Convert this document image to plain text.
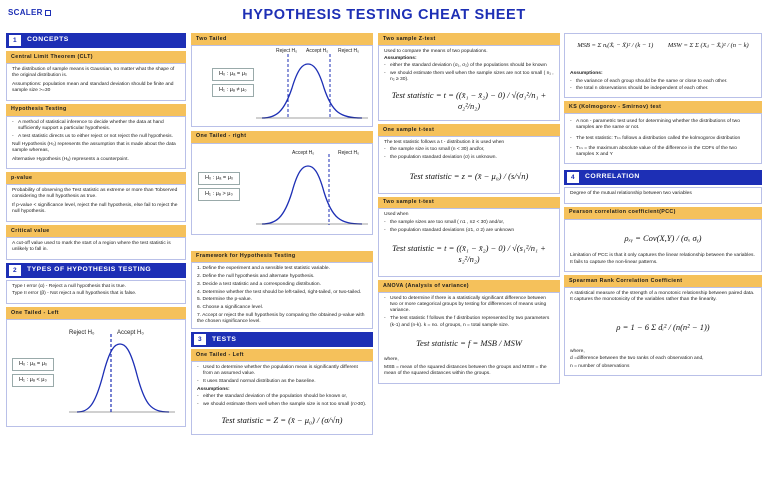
SCALER	HYPOTHESIS TESTING CHEAT SHEET
1	CONCEPTS
Central Limit Theorem (CLT)

The distribution of sample means is Gaussian, no matter what the shape of the original distribution is.

Assumptions: population mean and standard deviation should be finite and sample size >=30

Hypothesis Testing
- A method of statistical inference to decide whether the data at hand sufficiently support a particular hypothesis.
- A test statistic directs us to either reject or not reject the null hypothesis.

Null Hypothesis (H₀) represents the assumption that is made about the data sample whereas,

Alternative Hypothesis (Hₐ) represents a counterpoint.

p-value

Probability of observing the Test statistic as extreme or more than Tobserved considering the null hypothesis as true.

If p-value < significance level, reject the null hypothesis, else fail to reject the null hypothesis.

Critical value

A cut-off value used to mark the start of a region where the test statistic is unlikely to fall in.

2	TYPES OF HYPOTHESIS TESTING

Type I error (α) - Reject a null hypothesis that is true.

Type II error (β) - Not reject a null hypothesis that is false.

One Tailed - Left
Reject H₀	Accept H₀
H₀ : μₐ = μ₀
H₁ : μₐ < μ₀
Two Tailed
Reject H₀ Accept H₀ Reject H₀
H₀ : μₐ = μ₀
H₁ : μₐ ≠ μ₀
One Tailed - right
Accept H₀	Reject H₀
H₀ : μₐ = μ₀
H₁ : μₐ > μ₀
Framework for Hypothesis Testing

1. Define the experiment and a sensible test statistic variable.

2. Define the null hypothesis and alternate hypothesis.

3. Decide a test statistic and a corresponding distribution.

4. Determine whether the test should be left-tailed, right-tailed, or two-tailed.

5. Determine the p-value.

6. Choose a significance level.

7. Accept or reject the null hypothesis by comparing the obtained p-value with the chosen significance level.

3	TESTS
One Tailed - Left
- Used to determine whether the population mean is significantly different from an assumed value.
- It uses Standard normal distribution as the baseline.

Assumptions:

- either the standard deviation of the population should be known or,
- we should estimate them well when the sample size is not too small (n>30).
Test statistic = Z = (x̄ − μ₀) / (σ/√n)
Two sample Z-test

Used to compare the means of two populations.

Assumptions:

- either the standard deviation (σ₁, σ₂) of the populations should be known
- we should estimate them well when the sample sizes are not too small ( n₁ , n₂ ≥ 30).
Test statistic = t = ((x̄₁ − x̄₂) − 0) / √(σ₁²/n₁ + σ₂²/n₂)
One sample t-test

The test statistic follows a t - distribution it is used when

- the sample size is too small (n < 30) and/or,
- the population standard deviation (σ) is unknown.
Test statistic = z = (x̄ − μ₀) / (s/√n)
Two sample t-test

Used when

- the sample sizes are too small ( n1 , n2 < 30) and/or,
- the population standard deviations (σ1, σ 2) are unknown
Test statistic = t = ((x̄₁ − x̄₂) − 0) / √(s₁²/n₁ + s₂²/n₂)
ANOVA (Analysis of variance)
- Used to determine if there is a statistically significant difference between two or more categorical groups by testing for differences of means using variance.
- The test statistic f follows the f distribution represented by two parameters (k-1) and (n-k). k = no. of groups, n = total sample size.
Test statistic = f = MSB / MSW

where,

MSB = mean of the squared distances between the groups and MSW = the mean of the squared distances within the groups.

MSB = Σ nᵢ(X̄ᵢ − X̄)² / (k − 1) MSW = Σ Σ (Xᵢⱼ − X̄ᵢ)² / (n − k)

Assumptions:

- the variance of each group should be the same or close to each other.
- the total n observations should be independent of each other.
KS (Kolmogorov - Smirnov) test
- A non - parametric test used for determining whether the distributions of two samples are the same or not.
- The test statistic: Tₖₛ follows a distribution called the kolmogorov distribution
- Tₖₛ = the maximum absolute value of the difference in the CDFs of the two samples X and Y
4	CORRELATION

Degree of the mutual relationship between two variables

Pearson correlation coefficient(PCC)
ρₓᵧ = Cov(X,Y) / (σₓ σᵧ)

Limitation of PCC is that it only captures the linear relationship between the variables. It fails to capture the non-linear patterns.

Spearman Rank Correlation Coefficient

A statistical measure of the strength of a monotonic relationship between paired data. It captures the monotonicity of the variables rather than the linearity.

ρ = 1 − 6 Σ dᵢ² / (n(n² − 1))

where,

d =difference between the two ranks of each observation and,

n = number of observations
